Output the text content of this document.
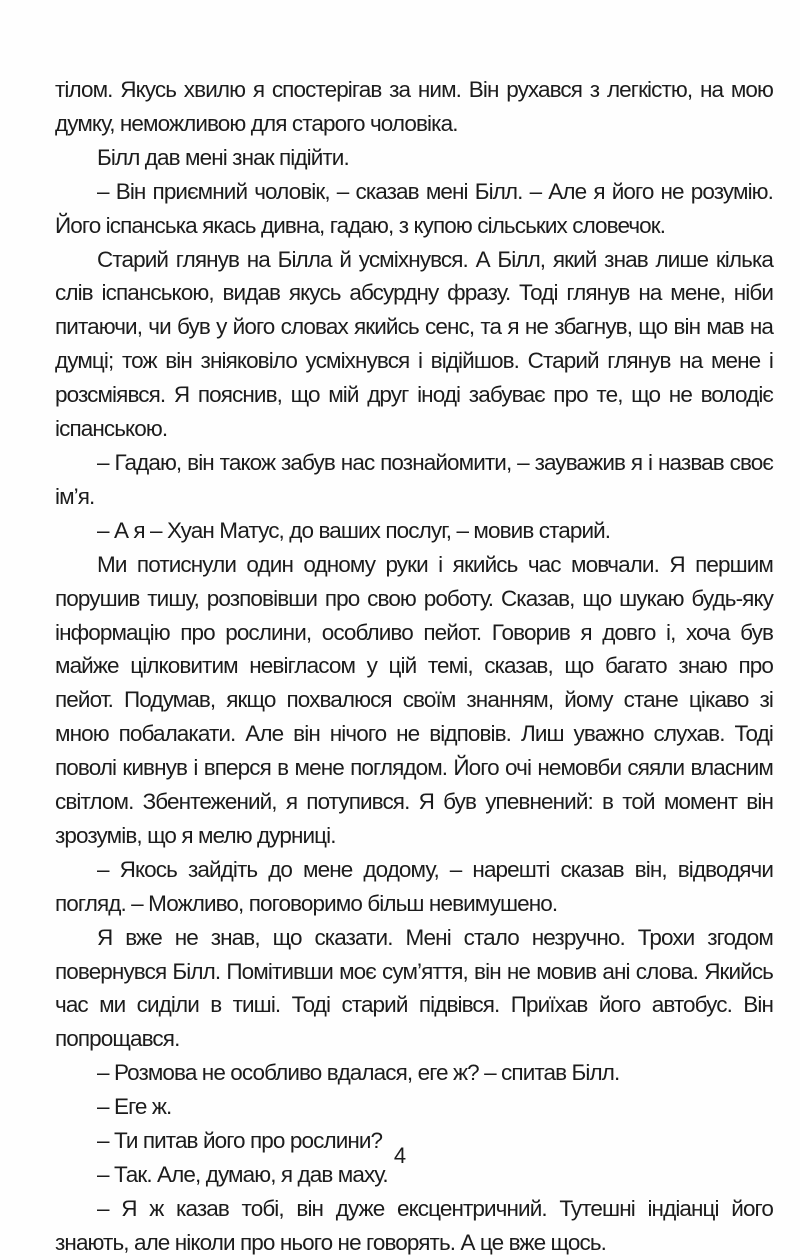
тілом. Якусь хвилю я спостерігав за ним. Він рухався з легкістю, на мою думку, неможливою для старого чоловіка.

Білл дав мені знак підійти.

– Він приємний чоловік, – сказав мені Білл. – Але я його не розумію. Його іспанська якась дивна, гадаю, з купою сільських словечок.

Старий глянув на Білла й усміхнувся. А Білл, який знав лише кілька слів іспанською, видав якусь абсурдну фразу. Тоді глянув на мене, ніби питаючи, чи був у його словах якийсь сенс, та я не збагнув, що він мав на думці; тож він зніяковіло усміхнувся і відійшов. Старий глянув на мене і розсміявся. Я пояснив, що мій друг іноді забуває про те, що не володіє іспанською.

– Гадаю, він також забув нас познайомити, – зауважив я і назвав своє ім’я.

– А я – Хуан Матус, до ваших послуг, – мовив старий.

Ми потиснули один одному руки і якийсь час мовчали. Я першим порушив тишу, розповівши про свою роботу. Сказав, що шукаю будь-яку інформацію про рослини, особливо пейот. Говорив я довго і, хоча був майже цілковитим невігласом у цій темі, сказав, що багато знаю про пейот. Подумав, якщо похвалюся своїм знанням, йому стане цікаво зі мною побалакати. Але він нічого не відповів. Лиш уважно слухав. Тоді поволі кивнув і вперся в мене поглядом. Його очі немовби сяяли власним світлом. Збентежений, я потупився. Я був упевнений: в той момент він зрозумів, що я мелю дурниці.

– Якось зайдіть до мене додому, – нарешті сказав він, відводячи погляд. – Можливо, поговоримо більш невимушено.

Я вже не знав, що сказати. Мені стало незручно. Трохи згодом повернувся Білл. Помітивши моє сум’яття, він не мовив ані слова. Якийсь час ми сиділи в тиші. Тоді старий підвівся. Приїхав його автобус. Він попрощався.

– Розмова не особливо вдалася, еге ж? – спитав Білл.

– Еге ж.

– Ти питав його про рослини?

– Так. Але, думаю, я дав маху.

– Я ж казав тобі, він дуже ексцентричний. Тутешні індіанці його знають, але ніколи про нього не говорять. А це вже щось.

4
